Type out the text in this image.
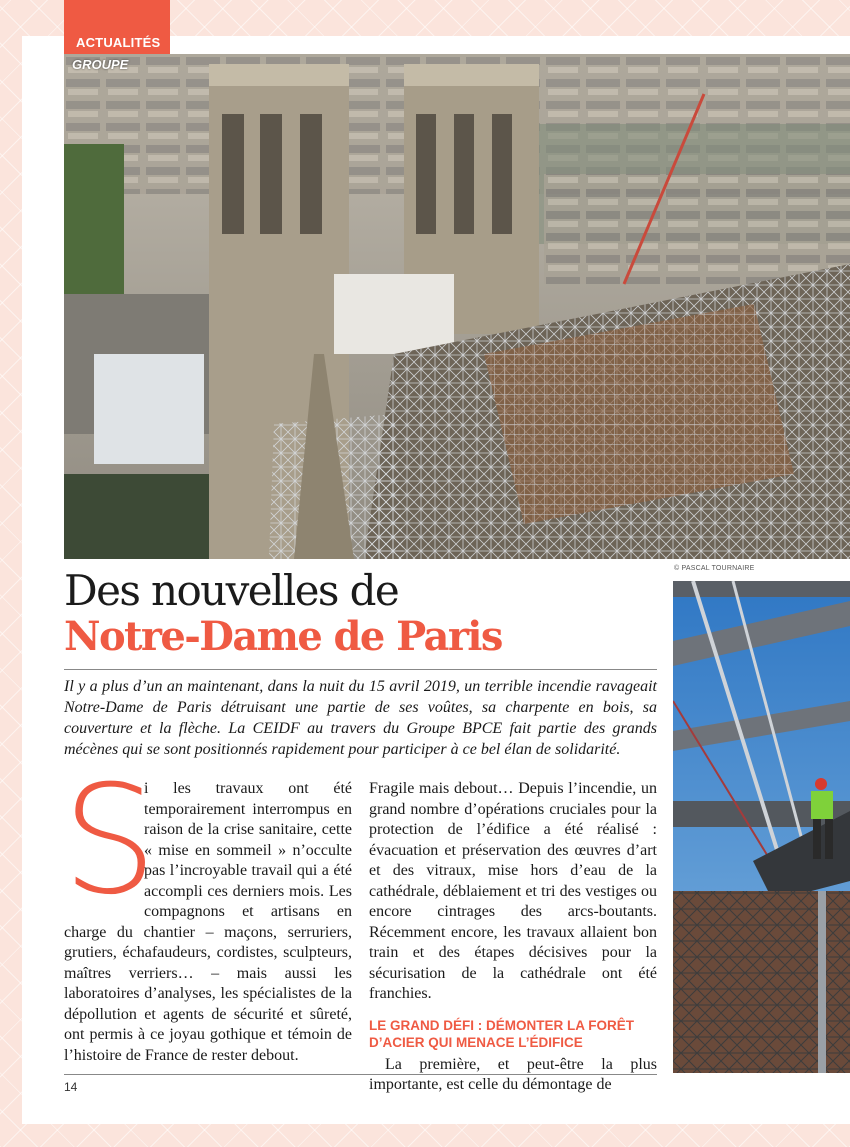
ACTUALITÉS
GROUPE
© PASCAL TOURNAIRE
Des nouvelles de
Notre-Dame de Paris

Il y a plus d’un an maintenant, dans la nuit du 15 avril 2019, un terrible incendie ravageait Notre-Dame de Paris détruisant une partie de ses voûtes, sa charpente en bois, sa couverture et la flèche. La CEIDF au travers du Groupe BPCE fait partie des grands mécènes qui se sont positionnés rapidement pour participer à ce bel élan de solidarité.

S
i les travaux ont été temporairement interrompus en raison de la crise sanitaire, cette « mise en sommeil » n’occulte pas l’incroyable travail qui a été accompli ces derniers mois. Les compagnons et artisans en charge du chantier – maçons, serruriers, grutiers, échafaudeurs, cordistes, sculpteurs, maîtres verriers… – mais aussi les laboratoires d’analyses, les spécialistes de la dépollution et agents de sécurité et sûreté, ont permis à ce joyau gothique et témoin de l’histoire de France de rester debout.

Fragile mais debout… Depuis l’incendie, un grand nombre d’opérations cruciales pour la protection de l’édifice a été réalisé : évacuation et préservation des œuvres d’art et des vitraux, mise hors d’eau de la cathédrale, déblaiement et tri des vestiges ou encore cintrages des arcs-boutants. Récemment encore, les travaux allaient bon train et des étapes décisives pour la sécurisation de la cathédrale ont été franchies.

LE GRAND DÉFI : DÉMONTER LA FORÊT D’ACIER QUI MENACE L’ÉDIFICE

La première, et peut-être la plus importante, est celle du démontage de

14
